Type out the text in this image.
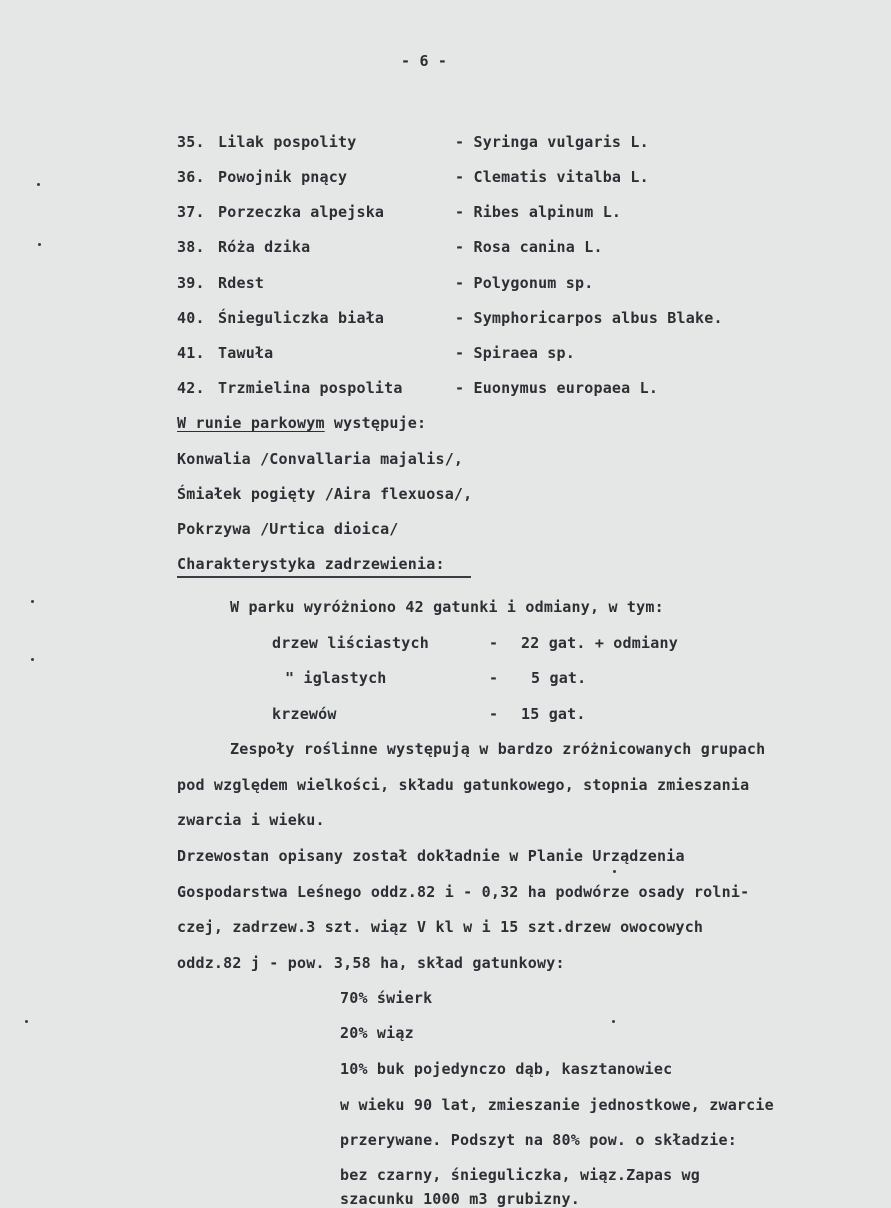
- 6 -
35. Lilak pospolity	- Syringa vulgaris L.
36. Powojnik pnący	- Clematis vitalba L.
37. Porzeczka alpejska	- Ribes alpinum L.
38. Róża dzika	- Rosa canina L.
39. Rdest	- Polygonum sp.
40. Śnieguliczka biała	- Symphoricarpos albus Blake.
41. Tawuła	- Spiraea sp.
42. Trzmielina pospolita	- Euonymus europaea L.
W runie parkowym występuje:
Konwalia /Convallaria majalis/,
Śmiałek pogięty /Aira flexuosa/,
Pokrzywa /Urtica dioica/
Charakterystyka zadrzewienia:
W parku wyróżniono 42 gatunki i odmiany, w tym:
drzew liściastych	- 22 gat. + odmiany
" iglastych	- 5 gat.
krzewów	- 15 gat.
Zespoły roślinne występują w bardzo zróżnicowanych grupach
pod względem wielkości, składu gatunkowego, stopnia zmieszania
zwarcia i wieku.
Drzewostan opisany został dokładnie w Planie Urządzenia
Gospodarstwa Leśnego oddz.82 i - 0,32 ha podwórze osady rolni-
czej, zadrzew.3 szt. wiąz V kl w i 15 szt.drzew owocowych
oddz.82 j - pow. 3,58 ha, skład gatunkowy:
70% świerk
20% wiąz
10% buk pojedynczo dąb, kasztanowiec
w wieku 90 lat, zmieszanie jednostkowe, zwarcie
przerywane. Podszyt na 80% pow. o składzie:
bez czarny, śnieguliczka, wiąz.Zapas wg
szacunku 1000 m3 grubizny.
